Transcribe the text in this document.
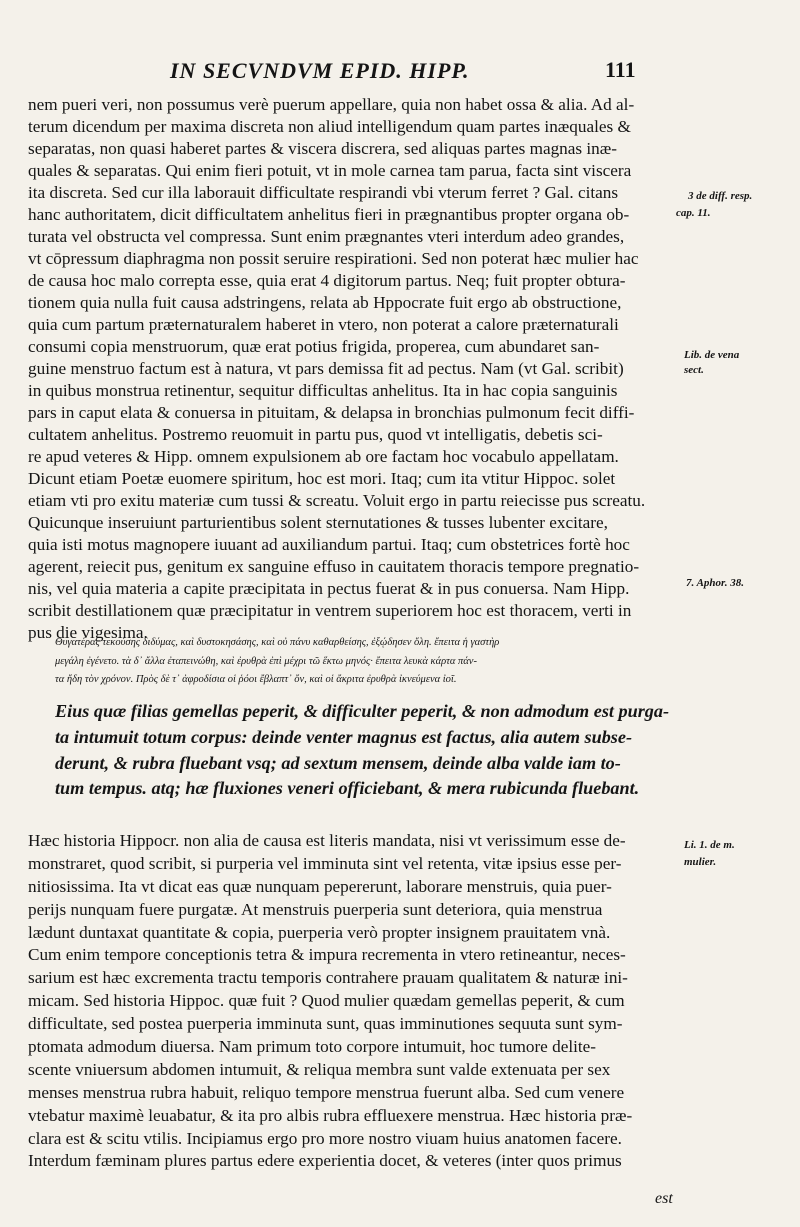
IN SECVNDVM EPID. HIPP.	111
nem pueri veri, non possumus verè puerum appellare, quia non habet ossa & alia. Ad al-
terum dicendum per maxima discreta non aliud intelligendum quam partes inæquales &
separatas, non quasi haberet partes & viscera discrera, sed aliquas partes magnas inæ-
quales & separatas. Qui enim fieri potuit, vt in mole carnea tam parua, facta sint viscera
ita discreta. Sed cur illa laborauit difficultate respirandi vbi vterum ferret ? Gal. citans
hanc authoritatem, dicit difficultatem anhelitus fieri in prægnantibus propter organa ob-
turata vel obstructa vel compressa. Sunt enim prægnantes vteri interdum adeo grandes,
vt cōpressum diaphragma non possit seruire respirationi. Sed non poterat hæc mulier hac
de causa hoc malo correpta esse, quia erat 4 digitorum partus. Neq; fuit propter obtura-
tionem quia nulla fuit causa adstringens, relata ab Hppocrate fuit ergo ab obstructione,
quia cum partum præternaturalem haberet in vtero, non poterat a calore præternaturali
consumi copia menstruorum, quæ erat potius frigida, properea, cum abundaret san-
guine menstruo factum est à natura, vt pars demissa fit ad pectus. Nam (vt Gal. scribit)
in quibus monstrua retinentur, sequitur difficultas anhelitus. Ita in hac copia sanguinis
pars in caput elata & conuersa in pituitam, & delapsa in bronchias pulmonum fecit diffi-
cultatem anhelitus. Postremo reuomuit in partu pus, quod vt intelligatis, debetis sci-
re apud veteres & Hipp. omnem expulsionem ab ore factam hoc vocabulo appellatam.
Dicunt etiam Poetæ euomere spiritum, hoc est mori. Itaq; cum ita vtitur Hippoc. solet
etiam vti pro exitu materiæ cum tussi & screatu. Voluit ergo in partu reiecisse pus screatu.
Quicunque inseruiunt parturientibus solent sternutationes & tusses lubenter excitare,
quia isti motus magnopere iuuant ad auxiliandum partui. Itaq; cum obstetrices fortè hoc
agerent, reiecit pus, genitum ex sanguine effuso in cauitatem thoracis tempore pregnatio-
nis, vel quia materia a capite præcipitata in pectus fuerat & in pus conuersa. Nam Hipp.
scribit destillationem quæ præcipitatur in ventrem superiorem hoc est thoracem, verti in
pus die vigesima.
Θυγατέρας τεκούσης διδύμας, καὶ δυστοκησάσης, καὶ οὐ πάνυ καθαρθείσης, ἐξῴδησεν ὅλη. ἔπειτα ἡ γαστὴρ
μεγάλη ἐγένετο. τὰ δ᾽ ἄλλα ἐταπεινώθη, καὶ ἐρυθρὰ ἐπὶ μέχρι τῶ ἕκτω μηνός· ἔπειτα λευκὰ κάρτα πάν-
τα ἤδη τὸν χρόνον. Πρὸς δὲ τ᾽ ἀφροδίσια οἱ ῥόοι ἔβλαπτ᾽ ὄν, καὶ οἱ ἄκριτα ἐρυθρὰ ἰκνεύμενα ἰοῖ.
Eius quæ filias gemellas peperit, & difficulter peperit, & non admodum est purga-
ta intumuit totum corpus: deinde venter magnus est factus, alia autem subse-
derunt, & rubra fluebant vsq; ad sextum mensem, deinde alba valde iam to-
tum tempus. atq; hæ fluxiones veneri officiebant, & mera rubicunda fluebant.
Hæc historia Hippocr. non alia de causa est literis mandata, nisi vt verissimum esse de-
monstraret, quod scribit, si purperia vel imminuta sint vel retenta, vitæ ipsius esse per-
nitiosissima. Ita vt dicat eas quæ nunquam pepererunt, laborare menstruis, quia puer-
perijs nunquam fuere purgatæ. At menstruis puerperia sunt deteriora, quia menstrua
lædunt duntaxat quantitate & copia, puerperia verò propter insignem prauitatem vnà.
Cum enim tempore conceptionis tetra & impura recrementa in vtero retineantur, neces-
sarium est hæc excrementa tractu temporis contrahere prauam qualitatem & naturæ ini-
micam. Sed historia Hippoc. quæ fuit ? Quod mulier quædam gemellas peperit, & cum
difficultate, sed postea puerperia imminuta sunt, quas imminutiones sequuta sunt sym-
ptomata admodum diuersa. Nam primum toto corpore intumuit, hoc tumore delite-
scente vniuersum abdomen intumuit, & reliqua membra sunt valde extenuata per sex
menses menstrua rubra habuit, reliquo tempore menstrua fuerunt alba. Sed cum venere
vtebatur maximè leuabatur, & ita pro albis rubra effluexere menstrua. Hæc historia præ-
clara est & scitu vtilis. Incipiamus ergo pro more nostro viuam huius anatomen facere.
Interdum fæminam plures partus edere experientia docet, & veteres (inter quos primus
est
3 de diff. resp.
cap. 11.
Lib. de vena
sect.
7. Aphor. 38.
Li. 1. de m.
mulier.
